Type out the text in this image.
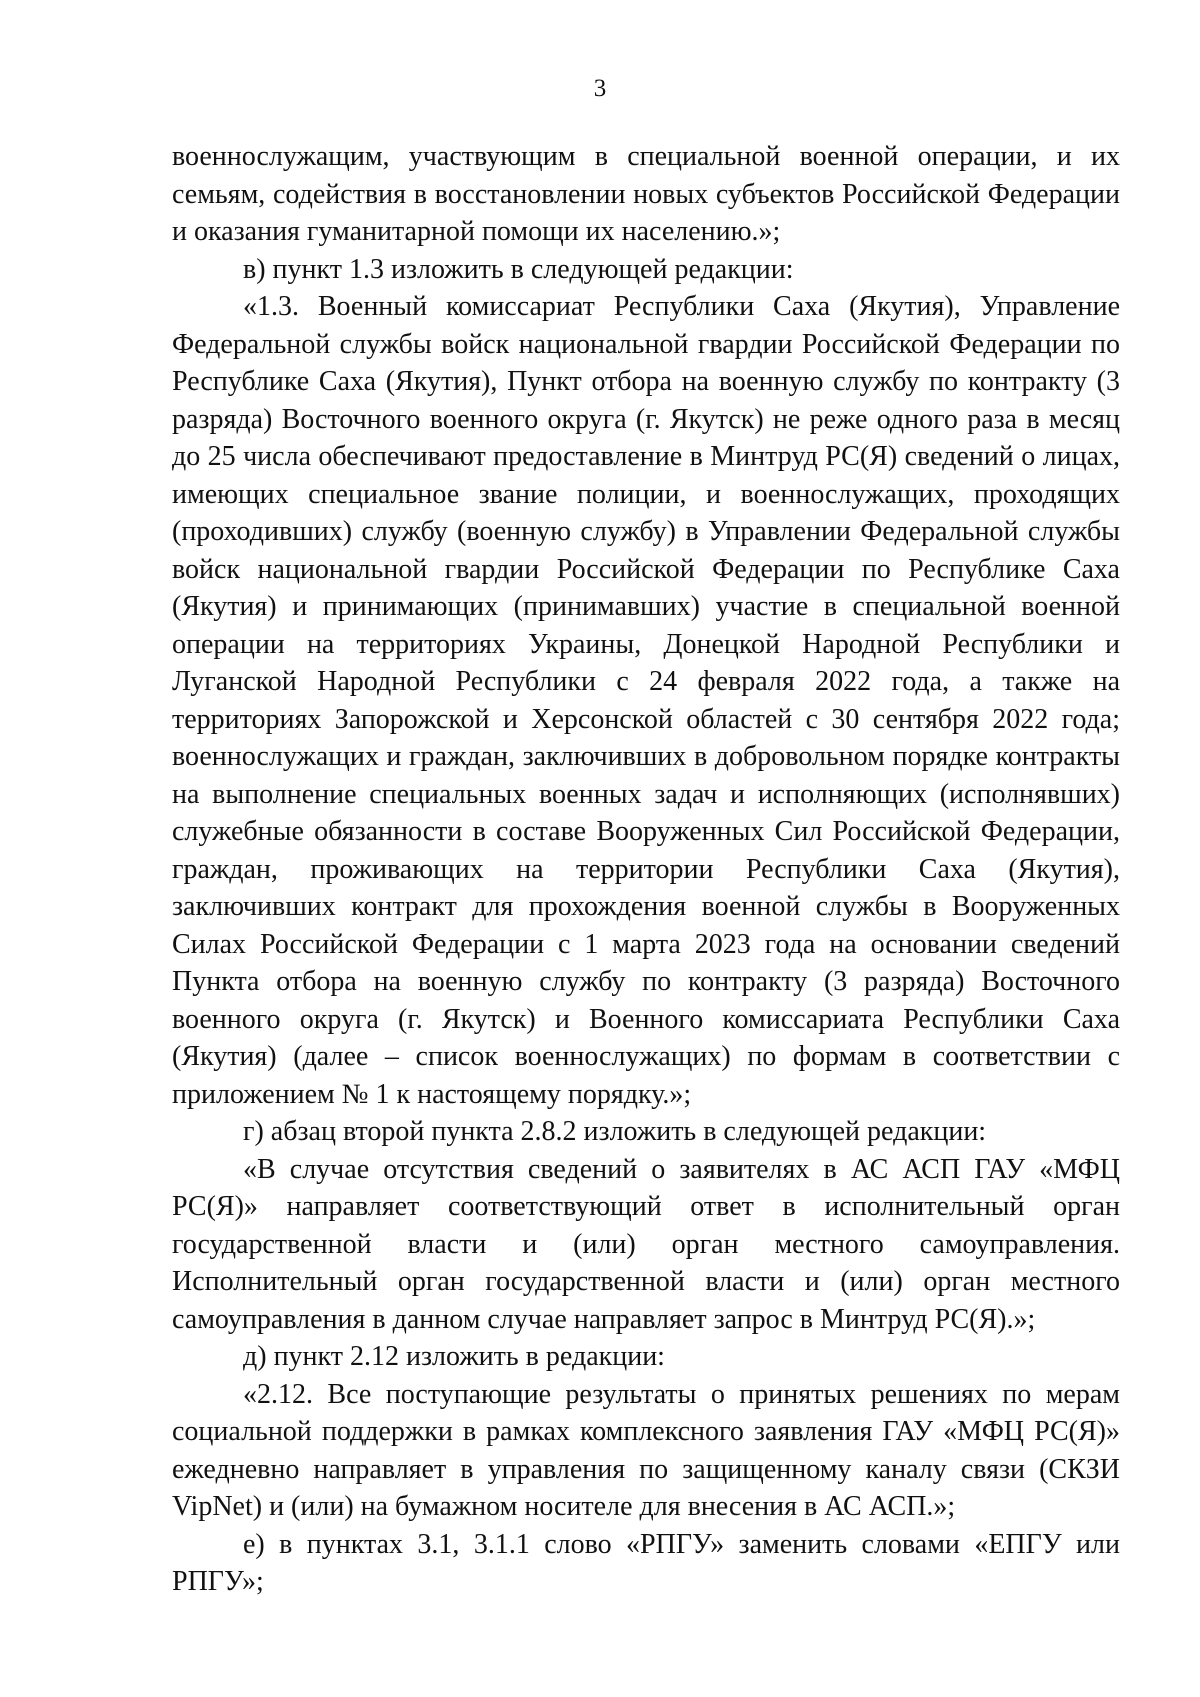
3

военнослужащим, участвующим в специальной военной операции, и их семьям, содействия в восстановлении новых субъектов Российской Федерации и оказания гуманитарной помощи их населению.»;

в) пункт 1.3 изложить в следующей редакции:

«1.3. Военный комиссариат Республики Саха (Якутия), Управление Федеральной службы войск национальной гвардии Российской Федерации по Республике Саха (Якутия), Пункт отбора на военную службу по контракту (3 разряда) Восточного военного округа (г. Якутск) не реже одного раза в месяц до 25 числа обеспечивают предоставление в Минтруд РС(Я) сведений о лицах, имеющих специальное звание полиции, и военнослужащих, проходящих (проходивших) службу (военную службу) в Управлении Федеральной службы войск национальной гвардии Российской Федерации по Республике Саха (Якутия) и принимающих (принимавших) участие в специальной военной операции на территориях Украины, Донецкой Народной Республики и Луганской Народной Республики с 24 февраля 2022 года, а также на территориях Запорожской и Херсонской областей с 30 сентября 2022 года; военнослужащих и граждан, заключивших в добровольном порядке контракты на выполнение специальных военных задач и исполняющих (исполнявших) служебные обязанности в составе Вооруженных Сил Российской Федерации, граждан, проживающих на территории Республики Саха (Якутия), заключивших контракт для прохождения военной службы в Вооруженных Силах Российской Федерации с 1 марта 2023 года на основании сведений Пункта отбора на военную службу по контракту (3 разряда) Восточного военного округа (г. Якутск) и Военного комиссариата Республики Саха (Якутия) (далее – список военнослужащих) по формам в соответствии с приложением № 1 к настоящему порядку.»;

г) абзац второй пункта 2.8.2 изложить в следующей редакции:

«В случае отсутствия сведений о заявителях в АС АСП ГАУ «МФЦ РС(Я)» направляет соответствующий ответ в исполнительный орган государственной власти и (или) орган местного самоуправления. Исполнительный орган государственной власти и (или) орган местного самоуправления в данном случае направляет запрос в Минтруд РС(Я).»;

д) пункт 2.12 изложить в редакции:

«2.12. Все поступающие результаты о принятых решениях по мерам социальной поддержки в рамках комплексного заявления ГАУ «МФЦ РС(Я)» ежедневно направляет в управления по защищенному каналу связи (СКЗИ VipNet) и (или) на бумажном носителе для внесения в АС АСП.»;

е) в пунктах 3.1, 3.1.1 слово «РПГУ» заменить словами «ЕПГУ или РПГУ»;
